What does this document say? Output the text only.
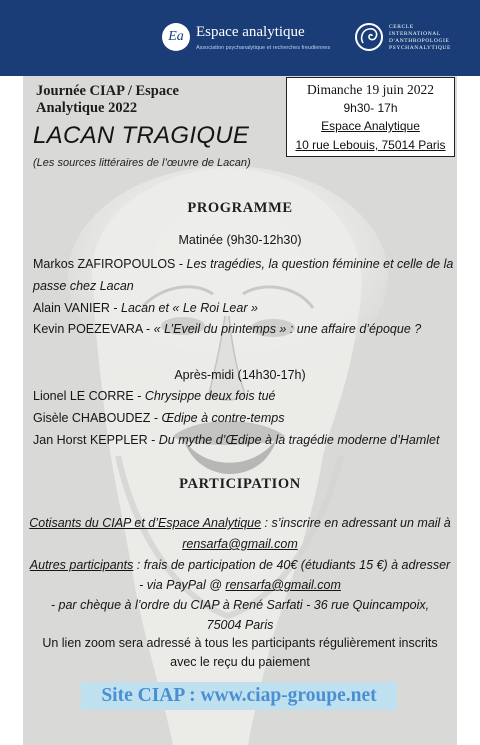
Ea Espace analytique
Association psychanalytique et recherches freudiennes
CERCLE
INTERNATIONAL
D'ANTHROPOLOGIE
PSYCHANALYTIQUE
Journée CIAP / Espace
Analytique 2022
LACAN TRAGIQUE
(Les sources littéraires de l’œuvre de Lacan)
Dimanche 19 juin 2022
9h30- 17h
Espace Analytique
10 rue Lebouis, 75014 Paris
PROGRAMME
Matinée (9h30-12h30)
Markos ZAFIROPOULOS - Les tragédies, la question féminine et celle de la
passe chez Lacan
Alain VANIER - Lacan et « Le Roi Lear »
Kevin POEZEVARA - « L’Eveil du printemps » : une affaire d’époque ?
Après-midi (14h30-17h)
Lionel LE CORRE - Chrysippe deux fois tué
Gisèle CHABOUDEZ - Œdipe à contre-temps
Jan Horst KEPPLER - Du mythe d’Œdipe à la tragédie moderne d’Hamlet
PARTICIPATION
Cotisants du CIAP et d’Espace Analytique : s’inscrire en adressant un mail à
rensarfa@gmail.com
Autres participants : frais de participation de 40€ (étudiants 15 €) à adresser
- via PayPal @ rensarfa@gmail.com
- par chèque à l’ordre du CIAP à René Sarfati - 36 rue Quincampoix,
75004 Paris
Un lien zoom sera adressé à tous les participants régulièrement inscrits
avec le reçu du paiement
Site CIAP : www.ciap-groupe.net
